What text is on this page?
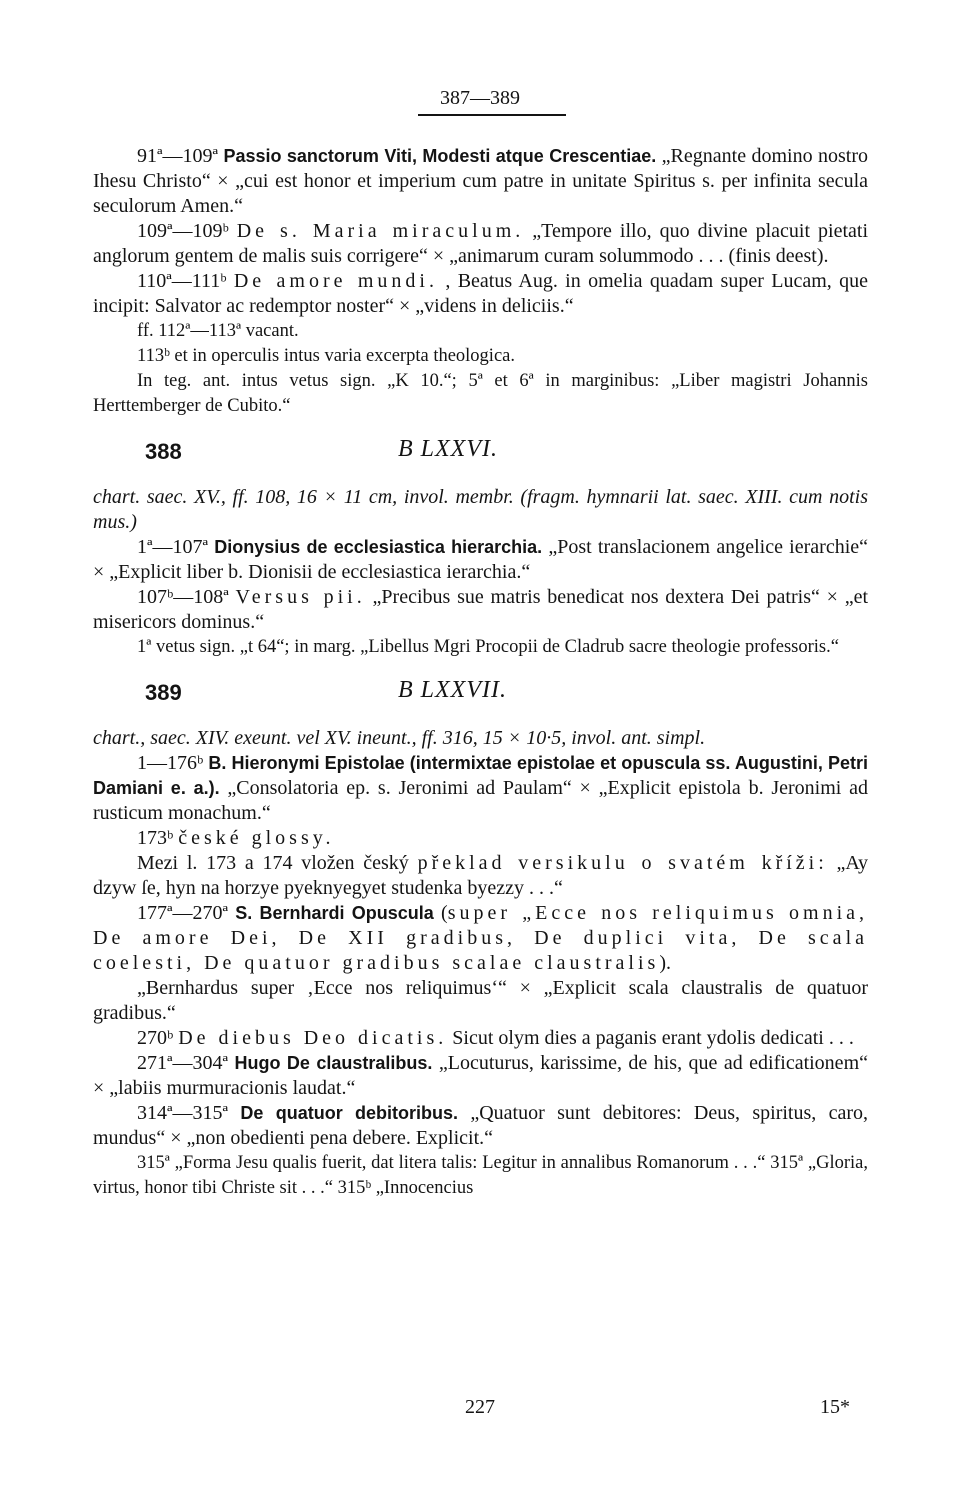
387—389

91ª—109ª Passio sanctorum Viti, Modesti atque Crescentiae. „Regnante domino nostro Ihesu Christo“ × „cui est honor et imperium cum patre in unitate Spiritus s. per infinita secula seculorum Amen.“

109ª—109ᵇ De s. Maria miraculum. „Tempore illo, quo divine placuit pietati anglorum gentem de malis suis corrigere“ × „animarum curam solummodo . . . (finis deest).

110ª—111ᵇ De amore mundi. , Beatus Aug. in omelia quadam super Lucam, que incipit: Salvator ac redemptor noster“ × „videns in deliciis.“

ff. 112ª—113ª vacant.

113ᵇ et in operculis intus varia excerpta theologica.

In teg. ant. intus vetus sign. „K 10.“; 5ª et 6ª in marginibus: „Liber magistri Johannis Herttemberger de Cubito.“

388	B LXXVI.

chart. saec. XV., ff. 108, 16 × 11 cm, invol. membr. (fragm. hymnarii lat. saec. XIII. cum notis mus.)

1ª—107ª Dionysius de ecclesiastica hierarchia. „Post translacionem angelice ierarchie“ × „Explicit liber b. Dionisii de ecclesiastica ierarchia.“

107ᵇ—108ª Versus pii. „Precibus sue matris benedicat nos dextera Dei patris“ × „et misericors dominus.“

1ª vetus sign. „t 64“; in marg. „Libellus Mgri Procopii de Cladrub sacre theologie professoris.“

389	B LXXVII.

chart., saec. XIV. exeunt. vel XV. ineunt., ff. 316, 15 × 10·5, invol. ant. simpl.

1—176ᵇ B. Hieronymi Epistolae (intermixtae epistolae et opuscula ss. Augustini, Petri Damiani e. a.). „Consolatoria ep. s. Jeronimi ad Paulam“ × „Explicit epistola b. Jeronimi ad rusticum monachum.“

173ᵇ české glossy.

Mezi l. 173 a 174 vložen český překlad versikulu o svatém kříži: „Ay dzyw ſe, hyn na horzye pyeknyegyet studenka byezzy . . .“

177ª—270ª S. Bernhardi Opuscula (super „Ecce nos reliquimus omnia, De amore Dei, De XII gradibus, De duplici vita, De scala coelesti, De quatuor gradibus scalae claustralis).

„Bernhardus super ‚Ecce nos reliquimus‘“ × „Explicit scala claustralis de quatuor gradibus.“

270ᵇ De diebus Deo dicatis. Sicut olym dies a paganis erant ydolis dedicati . . .

271ª—304ª Hugo De claustralibus. „Locuturus, karissime, de his, que ad edificationem“ × „labiis murmuracionis laudat.“

314ª—315ª De quatuor debitoribus. „Quatuor sunt debitores: Deus, spiritus, caro, mundus“ × „non obedienti pena debere. Explicit.“

315ª „Forma Jesu qualis fuerit, dat litera talis: Legitur in annalibus Romanorum . . .“ 315ª „Gloria, virtus, honor tibi Christe sit . . .“ 315ᵇ „Innocencius

227	15*
